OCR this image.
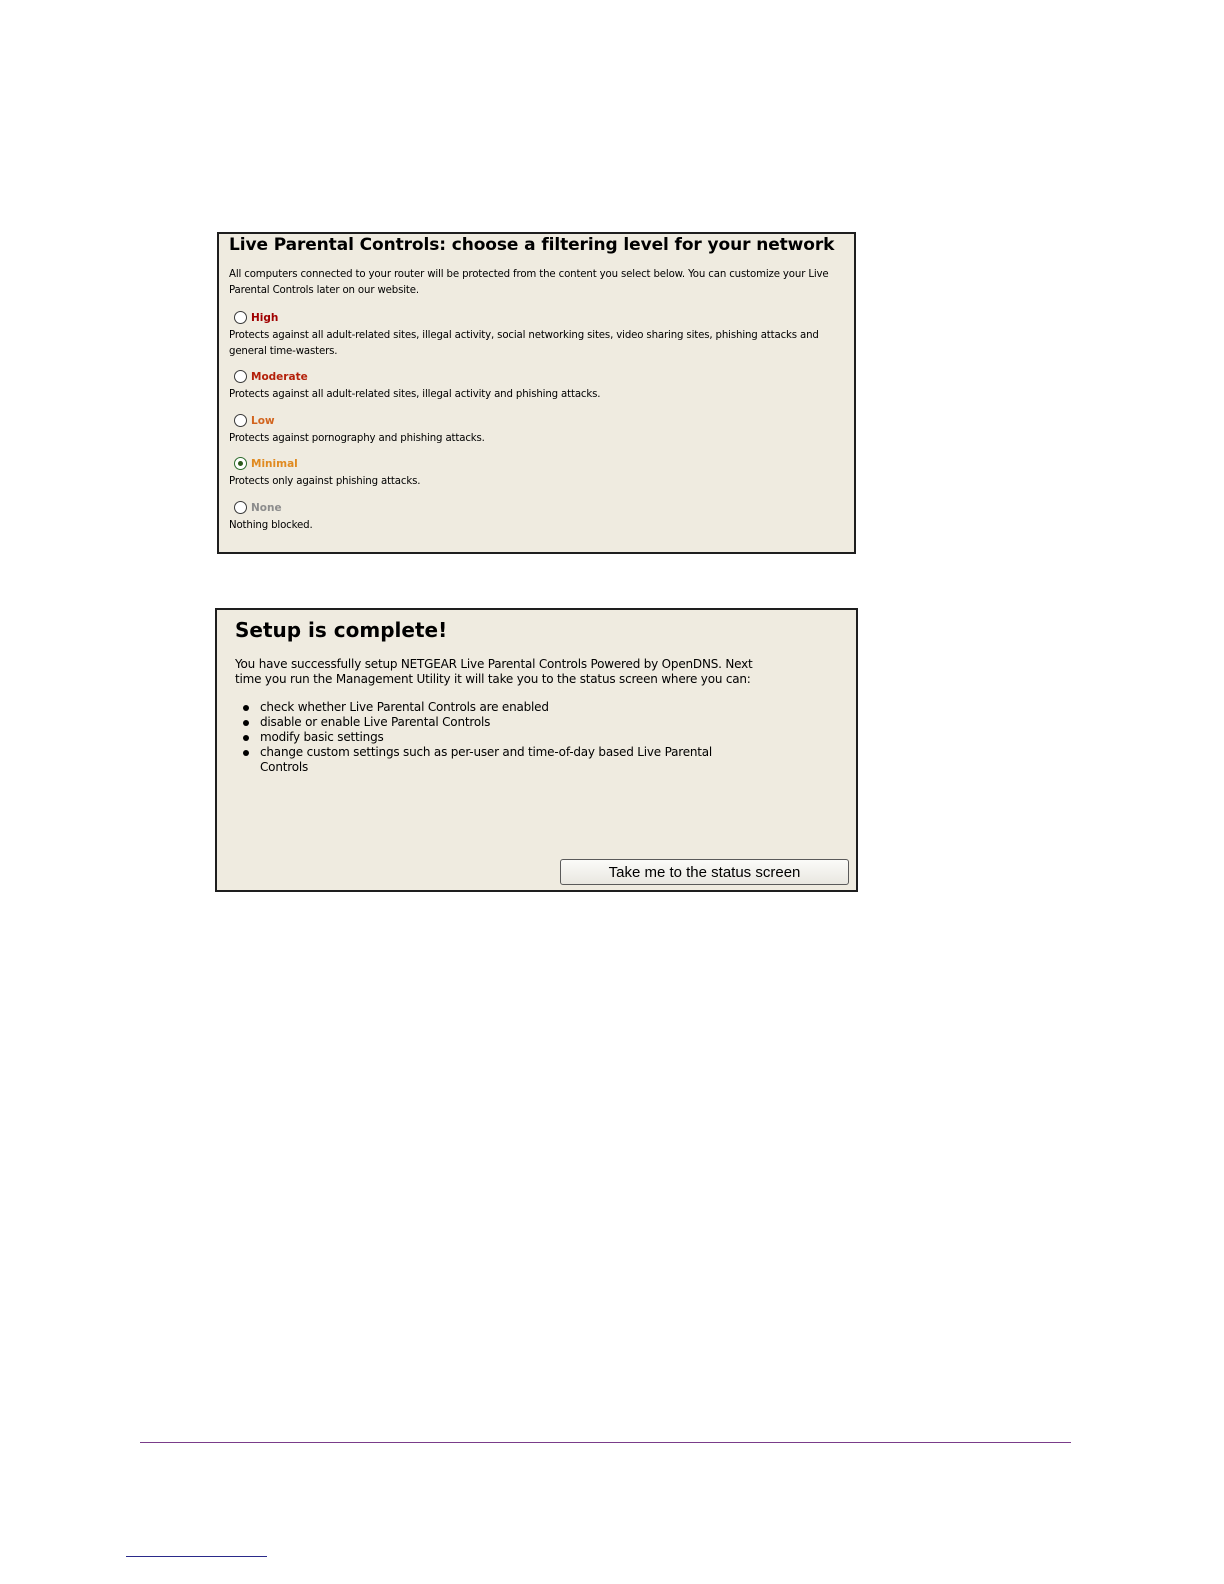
Live Parental Controls: choose a filtering level for your network
All computers connected to your router will be protected from the content you select below. You can customize your Live Parental Controls later on our website.
High
Protects against all adult-related sites, illegal activity, social networking sites, video sharing sites, phishing attacks and general time-wasters.
Moderate
Protects against all adult-related sites, illegal activity and phishing attacks.
Low
Protects against pornography and phishing attacks.
Minimal
Protects only against phishing attacks.
None
Nothing blocked.
Setup is complete!
You have successfully setup NETGEAR Live Parental Controls Powered by OpenDNS. Next time you run the Management Utility it will take you to the status screen where you can:
check whether Live Parental Controls are enabled
disable or enable Live Parental Controls
modify basic settings
change custom settings such as per-user and time-of-day based Live Parental Controls
Take me to the status screen
